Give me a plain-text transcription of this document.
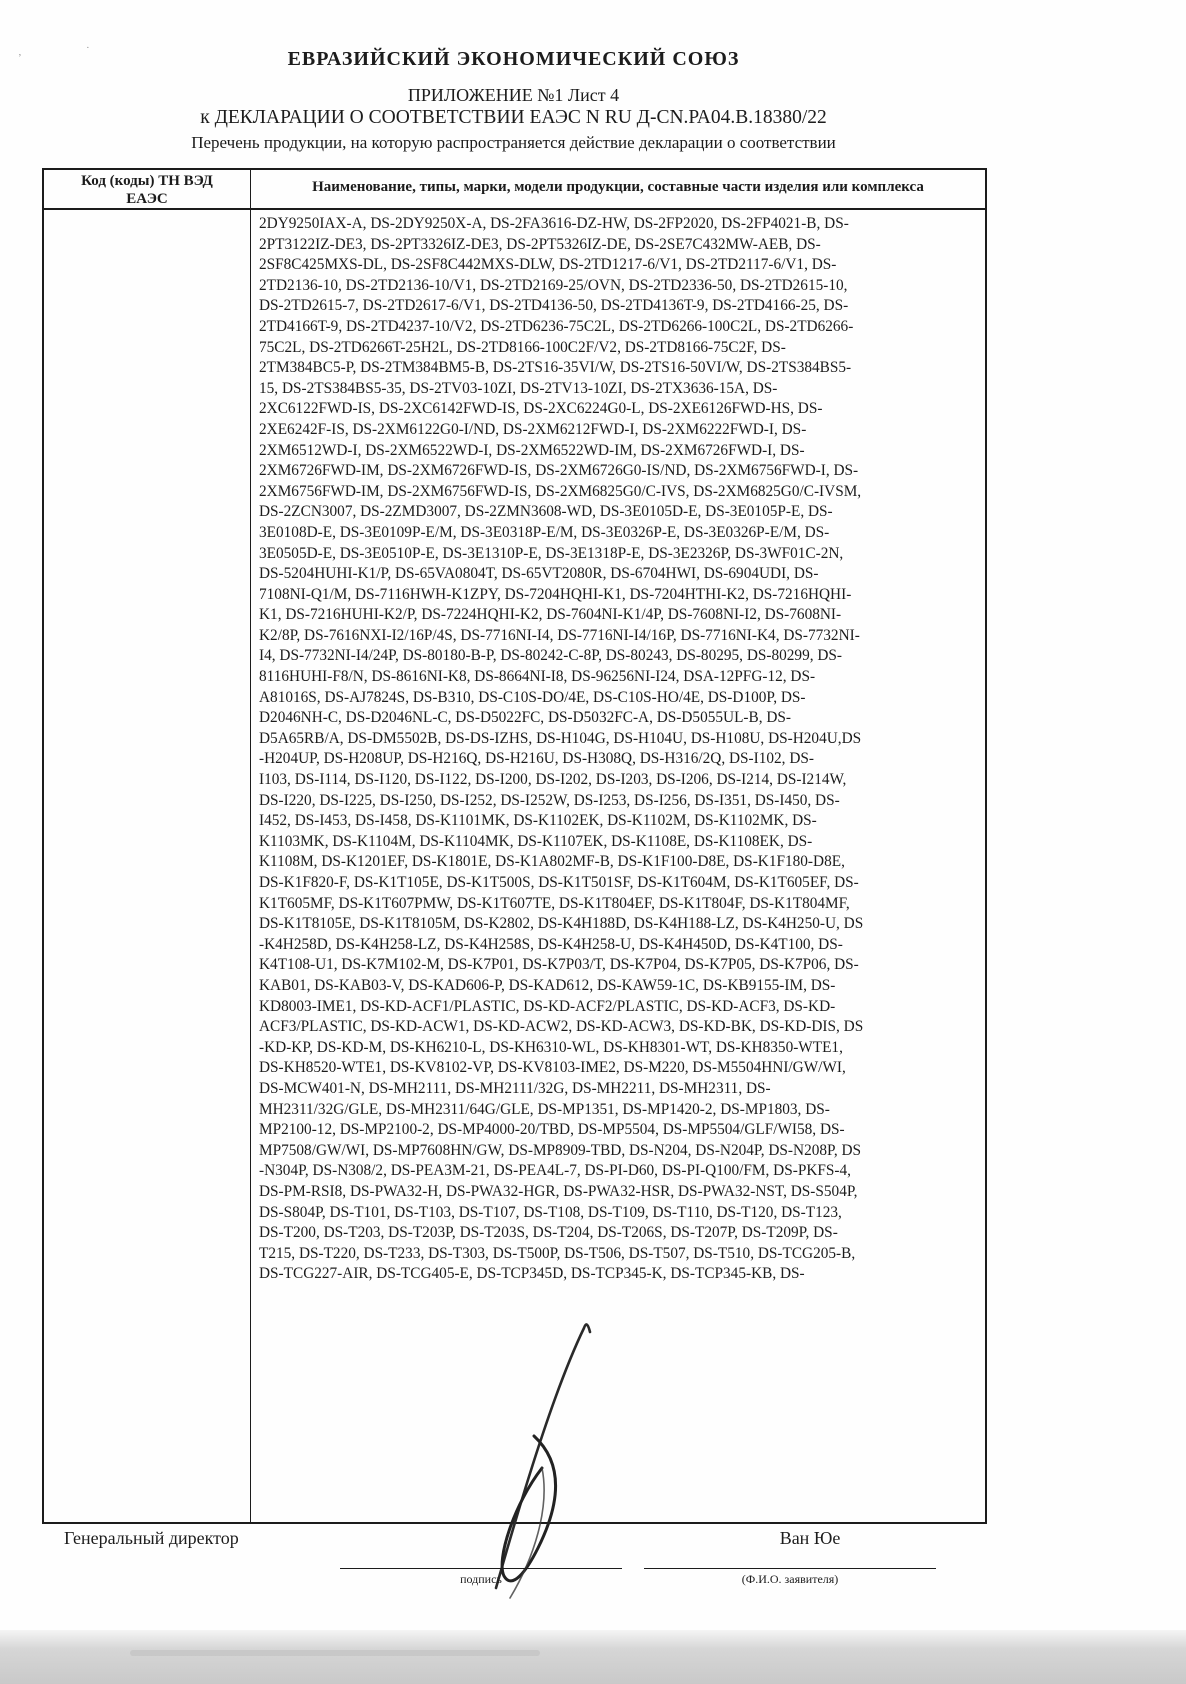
’
·	ЕВРАЗИЙСКИЙ ЭКОНОМИЧЕСКИЙ СОЮЗ
ПРИЛОЖЕНИЕ №1 Лист 4
к ДЕКЛАРАЦИИ О СООТВЕТСТВИИ ЕАЭС N RU Д-CN.РА04.В.18380/22
Перечень продукции, на которую распространяется действие декларации о соответствии
Код (коды) ТН ВЭД
ЕАЭС
Наименование, типы, марки, модели продукции, составные части изделия или комплекса
2DY9250IAX-A, DS-2DY9250X-A, DS-2FA3616-DZ-HW, DS-2FP2020, DS-2FP4021-B, DS-
2PT3122IZ-DE3, DS-2PT3326IZ-DE3, DS-2PT5326IZ-DE, DS-2SE7C432MW-AEB, DS-
2SF8C425MXS-DL, DS-2SF8C442MXS-DLW, DS-2TD1217-6/V1, DS-2TD2117-6/V1, DS-
2TD2136-10, DS-2TD2136-10/V1, DS-2TD2169-25/OVN, DS-2TD2336-50, DS-2TD2615-10,
DS-2TD2615-7, DS-2TD2617-6/V1, DS-2TD4136-50, DS-2TD4136T-9, DS-2TD4166-25, DS-
2TD4166T-9, DS-2TD4237-10/V2, DS-2TD6236-75C2L, DS-2TD6266-100C2L, DS-2TD6266-
75C2L, DS-2TD6266T-25H2L, DS-2TD8166-100C2F/V2, DS-2TD8166-75C2F, DS-
2TM384BC5-P, DS-2TM384BM5-B, DS-2TS16-35VI/W, DS-2TS16-50VI/W, DS-2TS384BS5-
15, DS-2TS384BS5-35, DS-2TV03-10ZI, DS-2TV13-10ZI, DS-2TX3636-15A, DS-
2XC6122FWD-IS, DS-2XC6142FWD-IS, DS-2XC6224G0-L, DS-2XE6126FWD-HS, DS-
2XE6242F-IS, DS-2XM6122G0-I/ND, DS-2XM6212FWD-I, DS-2XM6222FWD-I, DS-
2XM6512WD-I, DS-2XM6522WD-I, DS-2XM6522WD-IM, DS-2XM6726FWD-I, DS-
2XM6726FWD-IM, DS-2XM6726FWD-IS, DS-2XM6726G0-IS/ND, DS-2XM6756FWD-I, DS-
2XM6756FWD-IM, DS-2XM6756FWD-IS, DS-2XM6825G0/C-IVS, DS-2XM6825G0/C-IVSM,
DS-2ZCN3007, DS-2ZMD3007, DS-2ZMN3608-WD, DS-3E0105D-E, DS-3E0105P-E, DS-
3E0108D-E, DS-3E0109P-E/M, DS-3E0318P-E/M, DS-3E0326P-E, DS-3E0326P-E/M, DS-
3E0505D-E, DS-3E0510P-E, DS-3E1310P-E, DS-3E1318P-E, DS-3E2326P, DS-3WF01C-2N,
DS-5204HUHI-K1/P, DS-65VA0804T, DS-65VT2080R, DS-6704HWI, DS-6904UDI, DS-
7108NI-Q1/M, DS-7116HWH-K1ZPY, DS-7204HQHI-K1, DS-7204HTHI-K2, DS-7216HQHI-
K1, DS-7216HUHI-K2/P, DS-7224HQHI-K2, DS-7604NI-K1/4P, DS-7608NI-I2, DS-7608NI-
K2/8P, DS-7616NXI-I2/16P/4S, DS-7716NI-I4, DS-7716NI-I4/16P, DS-7716NI-K4, DS-7732NI-
I4, DS-7732NI-I4/24P, DS-80180-B-P, DS-80242-C-8P, DS-80243, DS-80295, DS-80299, DS-
8116HUHI-F8/N, DS-8616NI-K8, DS-8664NI-I8, DS-96256NI-I24, DSA-12PFG-12, DS-
A81016S, DS-AJ7824S, DS-B310, DS-C10S-DO/4E, DS-C10S-HO/4E, DS-D100P, DS-
D2046NH-C, DS-D2046NL-C, DS-D5022FC, DS-D5032FC-A, DS-D5055UL-B, DS-
D5A65RB/A, DS-DM5502B, DS-DS-IZHS, DS-H104G, DS-H104U, DS-H108U, DS-H204U,DS
-H204UP, DS-H208UP, DS-H216Q, DS-H216U, DS-H308Q, DS-H316/2Q, DS-I102, DS-
I103, DS-I114, DS-I120, DS-I122, DS-I200, DS-I202, DS-I203, DS-I206, DS-I214, DS-I214W,
DS-I220, DS-I225, DS-I250, DS-I252, DS-I252W, DS-I253, DS-I256, DS-I351, DS-I450, DS-
I452, DS-I453, DS-I458, DS-K1101MK, DS-K1102EK, DS-K1102M, DS-K1102MK, DS-
K1103MK, DS-K1104M, DS-K1104MK, DS-K1107EK, DS-K1108E, DS-K1108EK, DS-
K1108M, DS-K1201EF, DS-K1801E, DS-K1A802MF-B, DS-K1F100-D8E, DS-K1F180-D8E,
DS-K1F820-F, DS-K1T105E, DS-K1T500S, DS-K1T501SF, DS-K1T604M, DS-K1T605EF, DS-
K1T605MF, DS-K1T607PMW, DS-K1T607TE, DS-K1T804EF, DS-K1T804F, DS-K1T804MF,
DS-K1T8105E, DS-K1T8105M, DS-K2802, DS-K4H188D, DS-K4H188-LZ, DS-K4H250-U, DS
-K4H258D, DS-K4H258-LZ, DS-K4H258S, DS-K4H258-U, DS-K4H450D, DS-K4T100, DS-
K4T108-U1, DS-K7M102-M, DS-K7P01, DS-K7P03/T, DS-K7P04, DS-K7P05, DS-K7P06, DS-
KAB01, DS-KAB03-V, DS-KAD606-P, DS-KAD612, DS-KAW59-1C, DS-KB9155-IM, DS-
KD8003-IME1, DS-KD-ACF1/PLASTIC, DS-KD-ACF2/PLASTIC, DS-KD-ACF3, DS-KD-
ACF3/PLASTIC, DS-KD-ACW1, DS-KD-ACW2, DS-KD-ACW3, DS-KD-BK, DS-KD-DIS, DS
-KD-KP, DS-KD-M, DS-KH6210-L, DS-KH6310-WL, DS-KH8301-WT, DS-KH8350-WTE1,
DS-KH8520-WTE1, DS-KV8102-VP, DS-KV8103-IME2, DS-M220, DS-M5504HNI/GW/WI,
DS-MCW401-N, DS-MH2111, DS-MH2111/32G, DS-MH2211, DS-MH2311, DS-
MH2311/32G/GLE, DS-MH2311/64G/GLE, DS-MP1351, DS-MP1420-2, DS-MP1803, DS-
MP2100-12, DS-MP2100-2, DS-MP4000-20/TBD, DS-MP5504, DS-MP5504/GLF/WI58, DS-
MP7508/GW/WI, DS-MP7608HN/GW, DS-MP8909-TBD, DS-N204, DS-N204P, DS-N208P, DS
-N304P, DS-N308/2, DS-PEA3M-21, DS-PEA4L-7, DS-PI-D60, DS-PI-Q100/FM, DS-PKFS-4,
DS-PM-RSI8, DS-PWA32-H, DS-PWA32-HGR, DS-PWA32-HSR, DS-PWA32-NST, DS-S504P,
DS-S804P, DS-T101, DS-T103, DS-T107, DS-T108, DS-T109, DS-T110, DS-T120, DS-T123,
DS-T200, DS-T203, DS-T203P, DS-T203S, DS-T204, DS-T206S, DS-T207P, DS-T209P, DS-
T215, DS-T220, DS-T233, DS-T303, DS-T500P, DS-T506, DS-T507, DS-T510, DS-TCG205-B,
DS-TCG227-AIR, DS-TCG405-E, DS-TCP345D, DS-TCP345-K, DS-TCP345-KB, DS-
Генеральный директор	Ван Юе
подпись	(Ф.И.О. заявителя)
